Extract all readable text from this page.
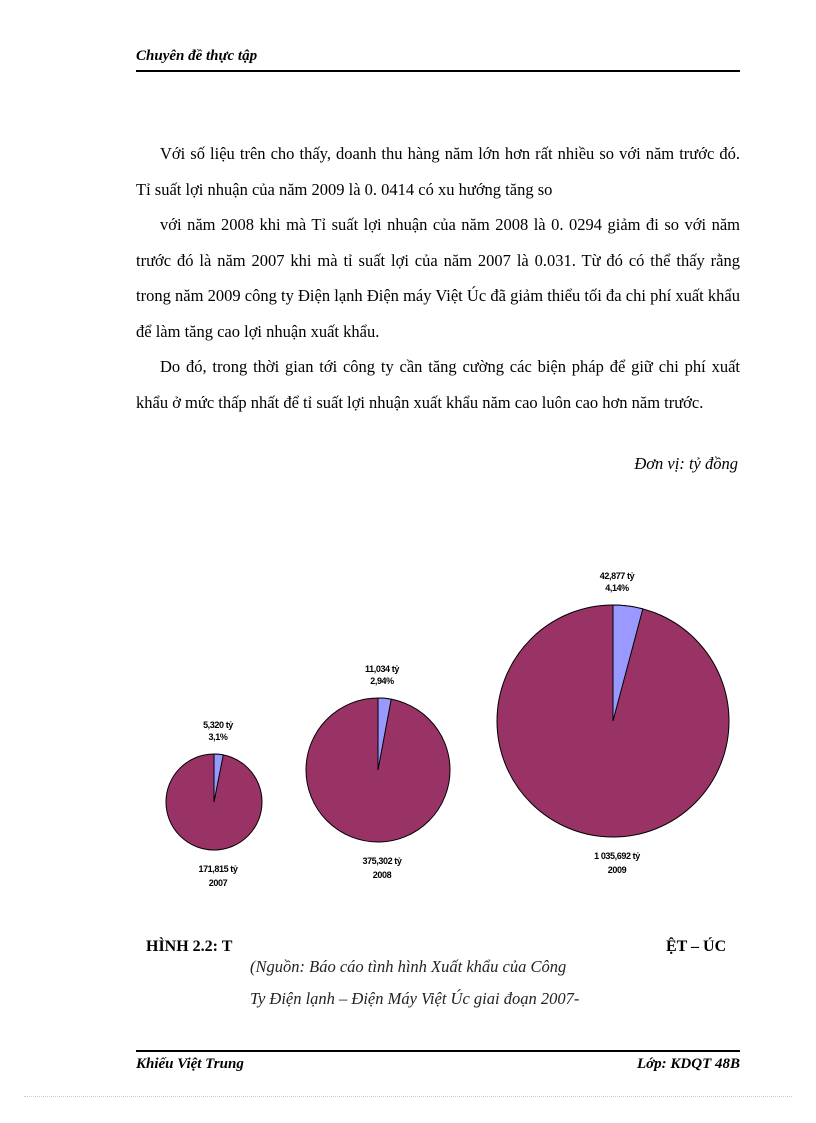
Chuyên đề thực tập
Với số liệu trên cho thấy, doanh thu hàng năm lớn hơn rất nhiều so với năm trước đó. Tỉ suất lợi nhuận của năm 2009 là 0. 0414 có xu hướng tăng so
với năm 2008 khi mà Tỉ suất lợi nhuận của năm 2008 là 0. 0294 giảm đi so với năm trước đó là năm 2007 khi mà tỉ suất lợi của năm 2007 là 0.031. Từ đó có thể thấy rằng trong năm 2009 công ty Điện lạnh Điện máy Việt Úc đã giảm thiểu tối đa chi phí xuất khẩu để làm tăng cao lợi nhuận xuất khẩu.
Do đó, trong thời gian tới công ty cần tăng cường các biện pháp để giữ chi phí xuất khẩu ở mức thấp nhất để tỉ suất lợi nhuận xuất khẩu năm cao luôn cao hơn năm trước.
Đơn vị: tỷ đồng
5,320 tỷ
3,1%
171,815 tỷ
2007
11,034 tỷ
2,94%
375,302 tỷ
2008
42,877 tỷ
4,14%
1 035,692 tỷ
2009
HÌNH 2.2: T	ỆT – ÚC
(Nguồn: Báo cáo tình hình Xuất khẩu của Công
Ty Điện lạnh – Điện Máy Việt Úc giai đoạn 2007-
Khiếu Việt Trung	Lớp: KDQT 48B
